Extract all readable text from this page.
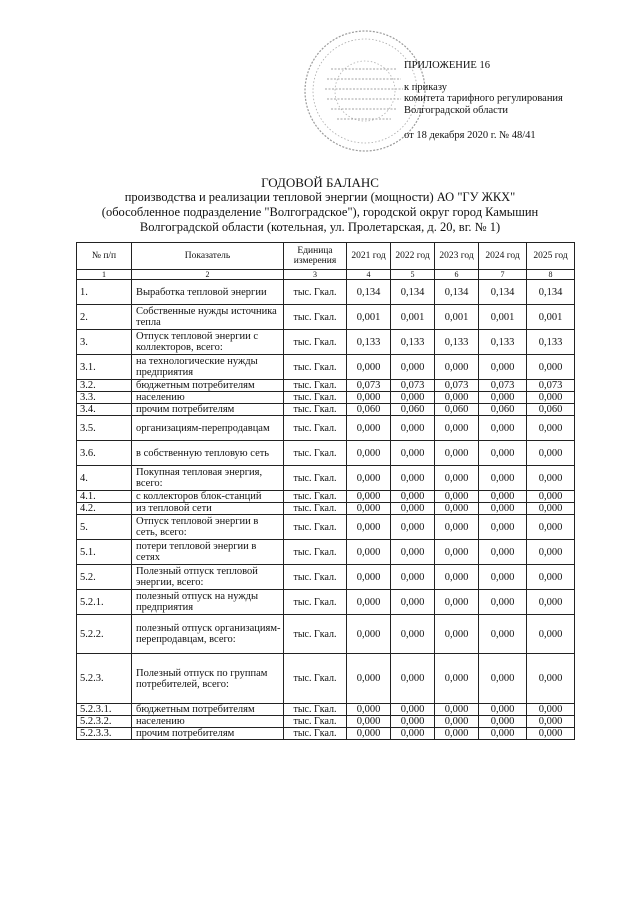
ПРИЛОЖЕНИЕ 16
к приказу
комитета тарифного регулирования
Волгоградской области
от 18 декабря 2020 г. № 48/41
ГОДОВОЙ БАЛАНС
производства и реализации тепловой энергии (мощности) АО "ГУ ЖКХ"
(обособленное подразделение "Волгоградское"), городской округ город Камышин
Волгоградской области (котельная, ул. Пролетарская, д. 20, вг. № 1)
№ п/п	Показатель	Единица измерения	2021 год	2022 год	2023 год	2024 год	2025 год
1	2	3	4	5	6	7	8
1.	Выработка тепловой энергии	тыс. Гкал.	0,134	0,134	0,134	0,134	0,134
2.	Собственные нужды источника тепла	тыс. Гкал.	0,001	0,001	0,001	0,001	0,001
3.	Отпуск тепловой энергии с коллекторов, всего:	тыс. Гкал.	0,133	0,133	0,133	0,133	0,133
3.1.	на технологические нужды предприятия	тыс. Гкал.	0,000	0,000	0,000	0,000	0,000
3.2.	бюджетным потребителям	тыс. Гкал.	0,073	0,073	0,073	0,073	0,073
3.3.	населению	тыс. Гкал.	0,000	0,000	0,000	0,000	0,000
3.4.	прочим потребителям	тыс. Гкал.	0,060	0,060	0,060	0,060	0,060
3.5.	организациям-перепродавцам	тыс. Гкал.	0,000	0,000	0,000	0,000	0,000
3.6.	в собственную тепловую сеть	тыс. Гкал.	0,000	0,000	0,000	0,000	0,000
4.	Покупная тепловая энергия, всего:	тыс. Гкал.	0,000	0,000	0,000	0,000	0,000
4.1.	с коллекторов блок-станций	тыс. Гкал.	0,000	0,000	0,000	0,000	0,000
4.2.	из тепловой сети	тыс. Гкал.	0,000	0,000	0,000	0,000	0,000
5.	Отпуск тепловой энергии в сеть, всего:	тыс. Гкал.	0,000	0,000	0,000	0,000	0,000
5.1.	потери тепловой энергии в сетях	тыс. Гкал.	0,000	0,000	0,000	0,000	0,000
5.2.	Полезный отпуск тепловой энергии, всего:	тыс. Гкал.	0,000	0,000	0,000	0,000	0,000
5.2.1.	полезный отпуск на нужды предприятия	тыс. Гкал.	0,000	0,000	0,000	0,000	0,000
5.2.2.	полезный отпуск организациям-перепродавцам, всего:	тыс. Гкал.	0,000	0,000	0,000	0,000	0,000
5.2.3.	Полезный отпуск по группам потребителей, всего:	тыс. Гкал.	0,000	0,000	0,000	0,000	0,000
5.2.3.1.	бюджетным потребителям	тыс. Гкал.	0,000	0,000	0,000	0,000	0,000
5.2.3.2.	населению	тыс. Гкал.	0,000	0,000	0,000	0,000	0,000
5.2.3.3.	прочим потребителям	тыс. Гкал.	0,000	0,000	0,000	0,000	0,000
